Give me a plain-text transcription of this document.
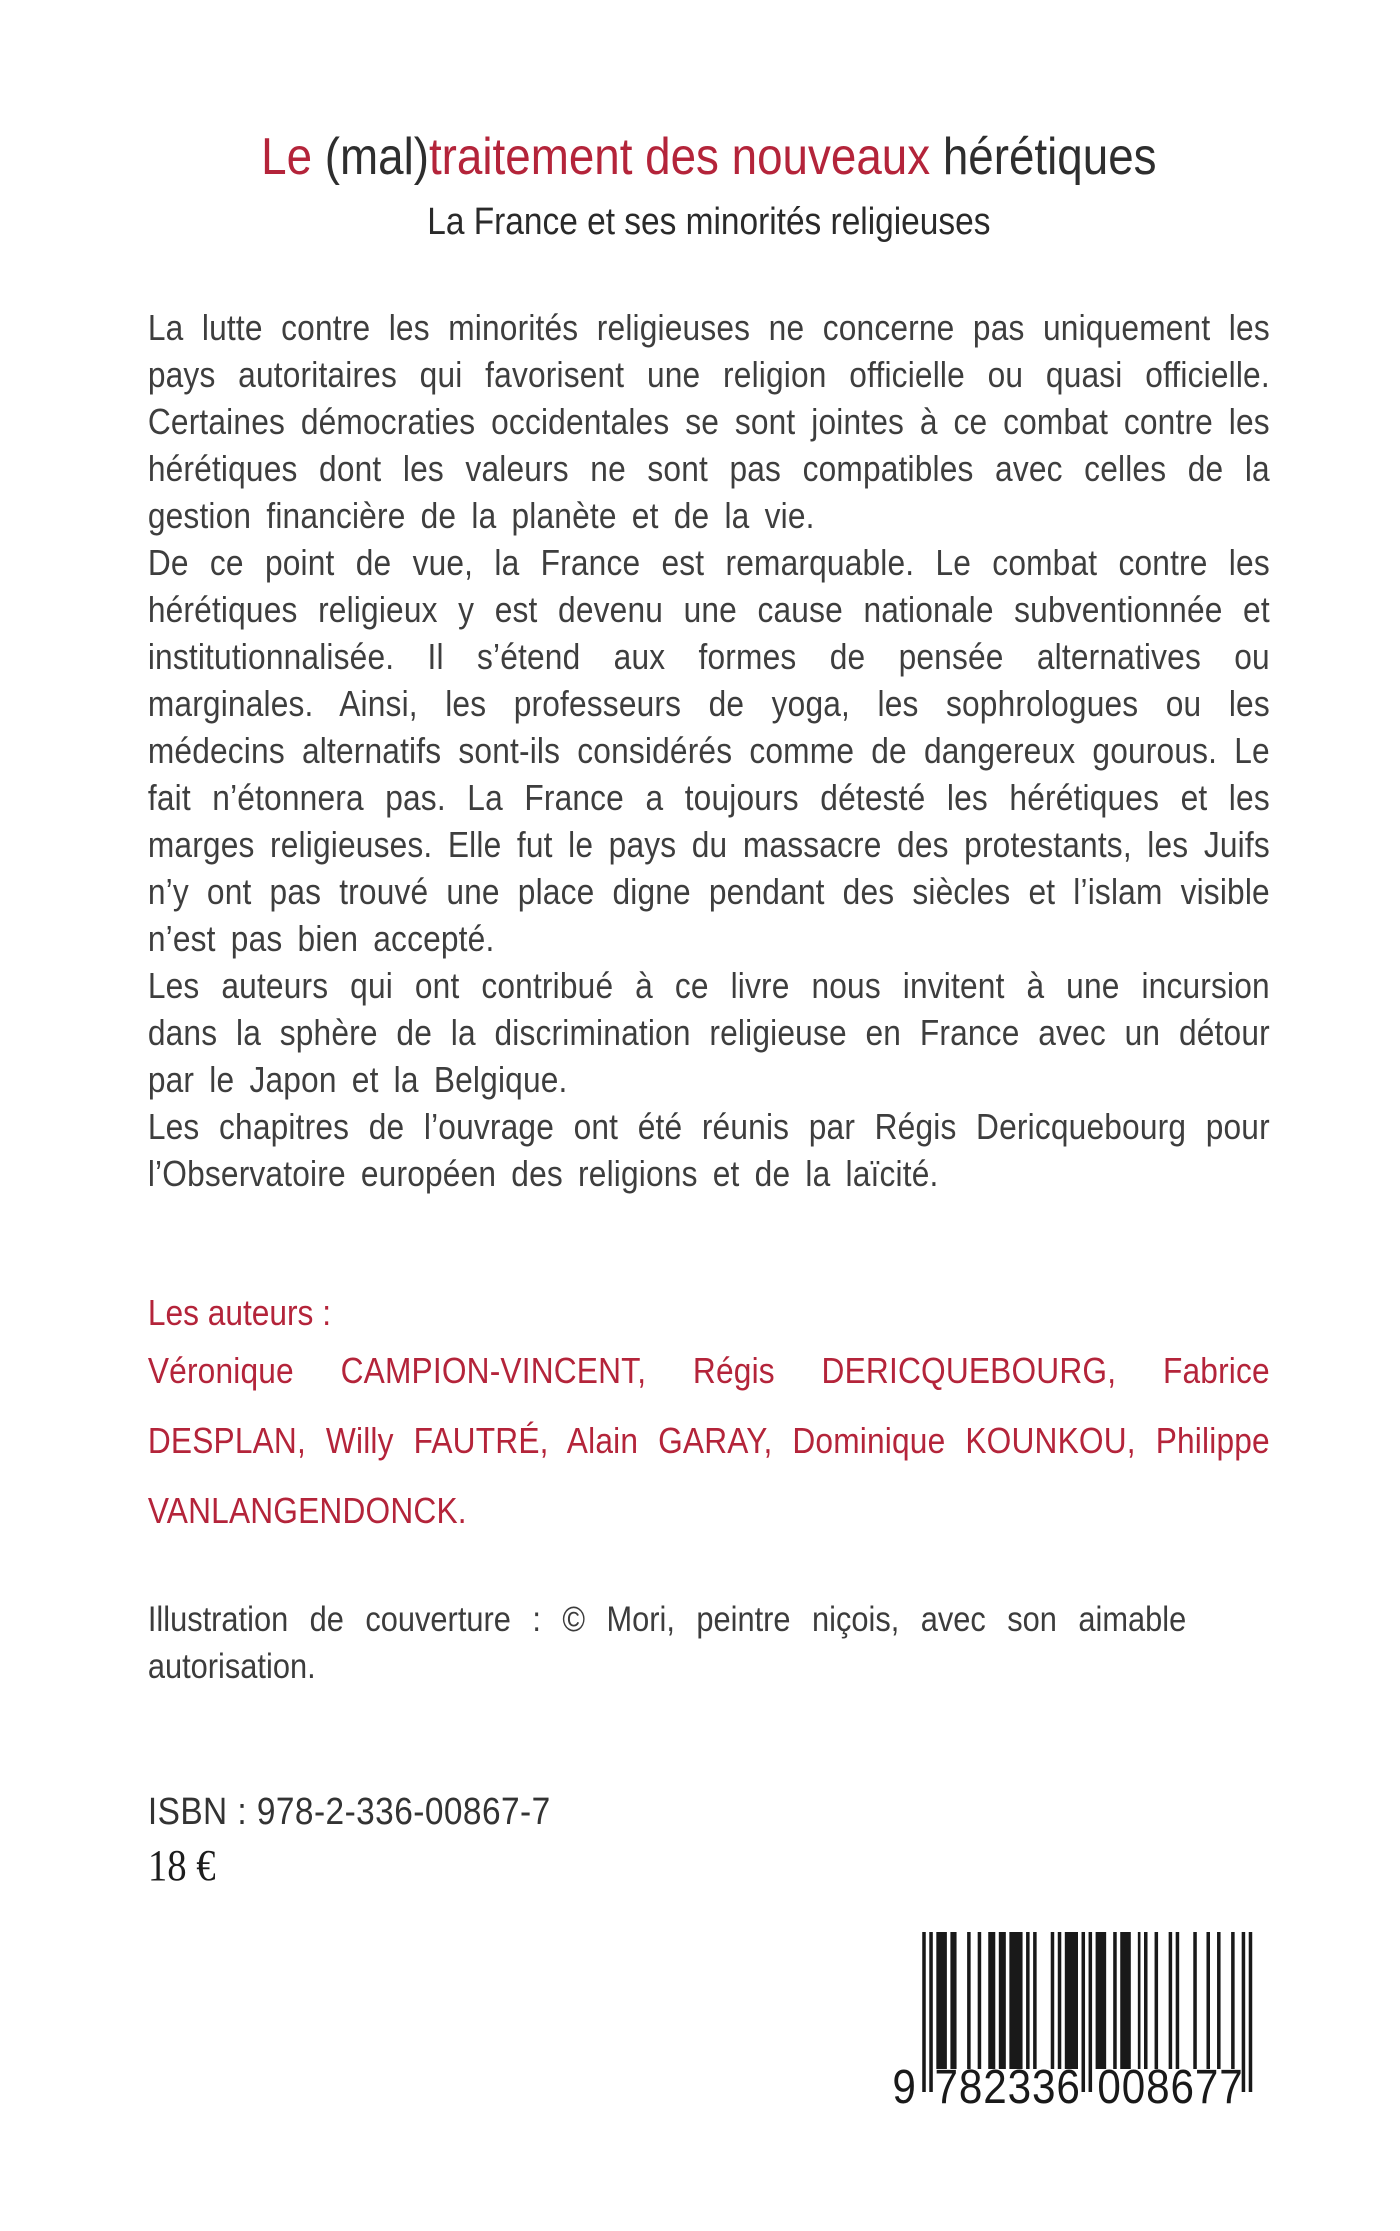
Le (mal)traitement des nouveaux hérétiques
La France et ses minorités religieuses

La lutte contre les minorités religieuses ne concerne pas uniquement les pays autoritaires qui favorisent une religion officielle ou quasi officielle. Certaines démocraties occidentales se sont jointes à ce combat contre les hérétiques dont les valeurs ne sont pas compatibles avec celles de la gestion financière de la planète et de la vie.

De ce point de vue, la France est remarquable. Le combat contre les hérétiques religieux y est devenu une cause nationale subventionnée et institutionnalisée. Il s’étend aux formes de pensée alternatives ou marginales. Ainsi, les professeurs de yoga, les sophrologues ou les médecins alternatifs sont-ils considérés comme de dangereux gourous. Le fait n’étonnera pas. La France a toujours détesté les hérétiques et les marges religieuses. Elle fut le pays du massacre des protestants, les Juifs n’y ont pas trouvé une place digne pendant des siècles et l’islam visible n’est pas bien accepté.

Les auteurs qui ont contribué à ce livre nous invitent à une incursion dans la sphère de la discrimination religieuse en France avec un détour par le Japon et la Belgique.

Les chapitres de l’ouvrage ont été réunis par Régis Dericquebourg pour l’Observatoire européen des religions et de la laïcité.

Les auteurs :

Véronique CAMPION-VINCENT, Régis DERICQUEBOURG, Fabrice DESPLAN, Willy FAUTRÉ, Alain GARAY, Dominique KOUNKOU, Philippe VANLANGENDONCK.

Illustration de couverture : © Mori, peintre niçois, avec son aimable autorisation.
ISBN : 978-2-336-00867-7
18 €
9 782336 008677
